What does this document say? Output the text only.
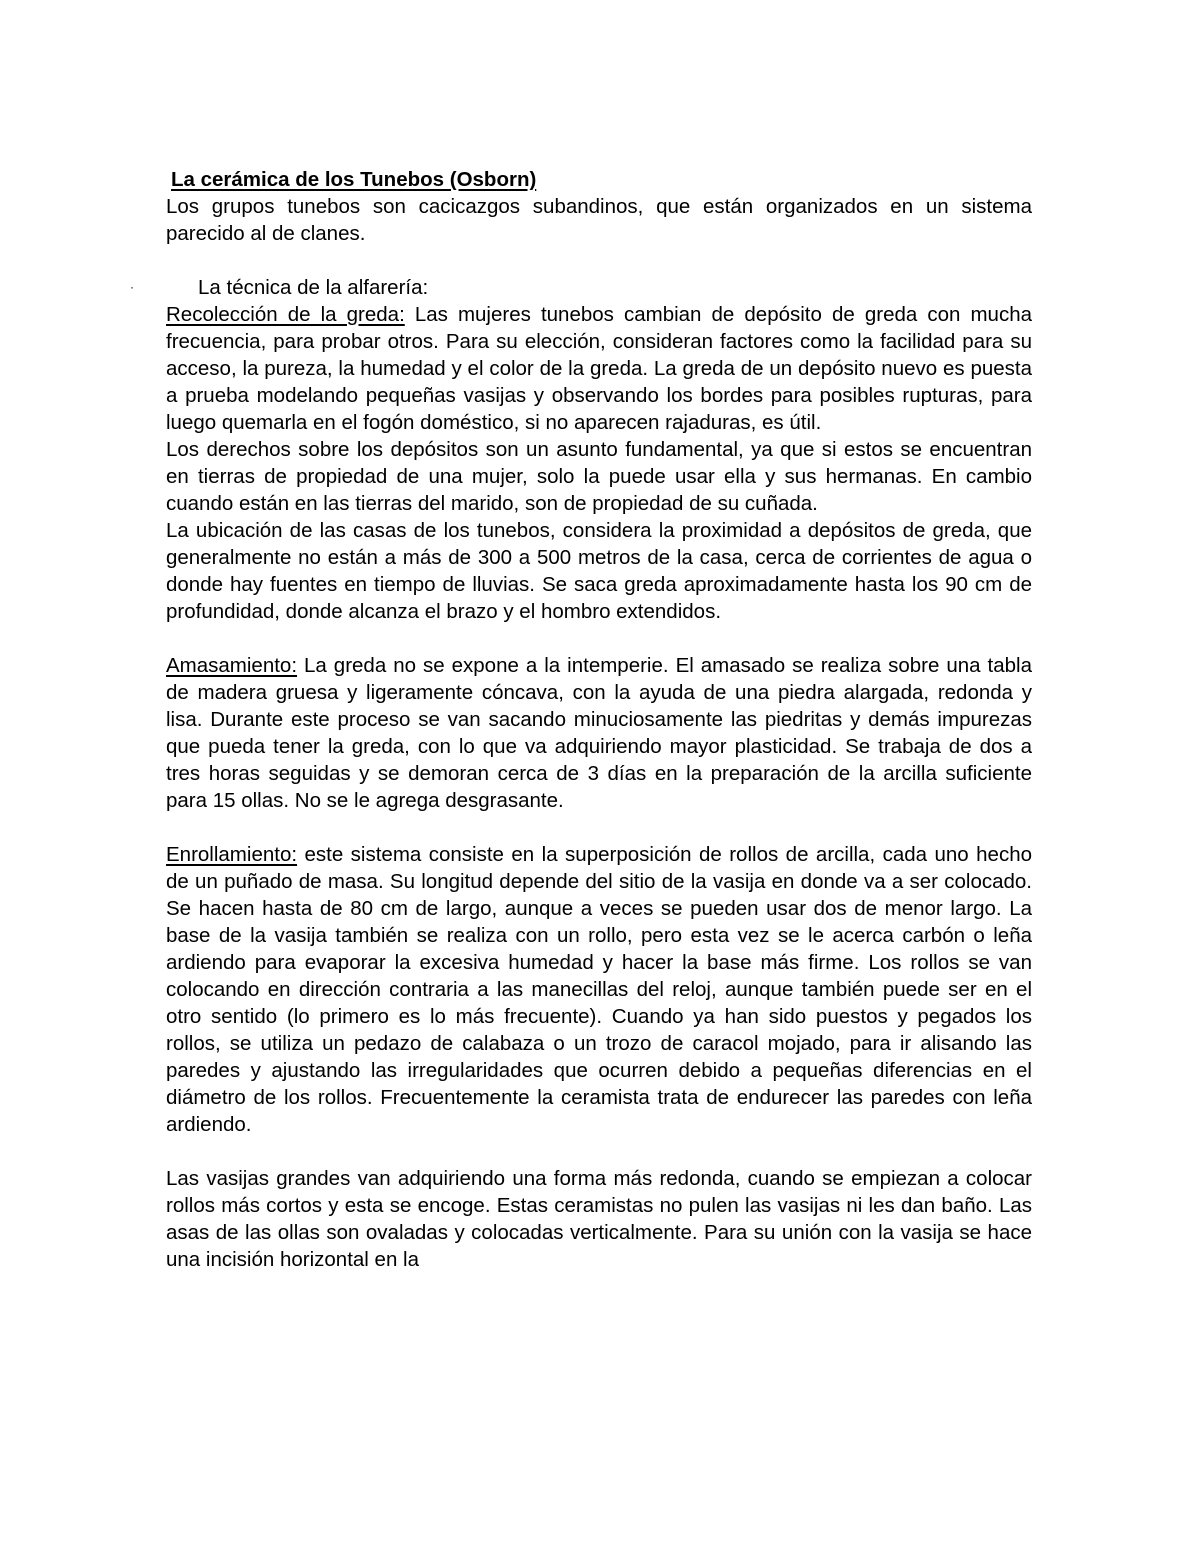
La cerámica de los Tunebos (Osborn)

Los grupos tunebos son cacicazgos subandinos, que están organizados en un sistema parecido al de clanes.

·	La técnica de la alfarería:

Recolección de la greda: Las mujeres tunebos cambian de depósito de greda con mucha frecuencia, para probar otros. Para su elección, consideran factores como la facilidad para su acceso, la pureza, la humedad y el color de la greda. La greda de un depósito nuevo es puesta a prueba modelando pequeñas vasijas y observando los bordes para posibles rupturas, para luego quemarla en el fogón doméstico, si no aparecen rajaduras, es útil.

Los derechos sobre los depósitos son un asunto fundamental, ya que si estos se encuentran en tierras de propiedad de una mujer, solo la puede usar ella y sus hermanas. En cambio cuando están en las tierras del marido, son de propiedad de su cuñada.

La ubicación de las casas de los tunebos, considera la proximidad a depósitos de greda, que generalmente no están a más de 300 a 500 metros de la casa, cerca de corrientes de agua o donde hay fuentes en tiempo de lluvias. Se saca greda aproximadamente hasta los 90 cm de profundidad, donde alcanza el brazo y el hombro extendidos.

Amasamiento: La greda no se expone a la intemperie. El amasado se realiza sobre una tabla de madera gruesa y ligeramente cóncava, con la ayuda de una piedra alargada, redonda y lisa. Durante este proceso se van sacando minuciosamente las piedritas y demás impurezas que pueda tener la greda, con lo que va adquiriendo mayor plasticidad. Se trabaja de dos a tres horas seguidas y se demoran cerca de 3 días en la preparación de la arcilla suficiente para 15 ollas. No se le agrega desgrasante.

Enrollamiento: este sistema consiste en la superposición de rollos de arcilla, cada uno hecho de un puñado de masa. Su longitud depende del sitio de la vasija en donde va a ser colocado. Se hacen hasta de 80 cm de largo, aunque a veces se pueden usar dos de menor largo. La base de la vasija también se realiza con un rollo, pero esta vez se le acerca carbón o leña ardiendo para evaporar la excesiva humedad y hacer la base más firme. Los rollos se van colocando en dirección contraria a las manecillas del reloj, aunque también puede ser en el otro sentido (lo primero es lo más frecuente). Cuando ya han sido puestos y pegados los rollos, se utiliza un pedazo de calabaza o un trozo de caracol mojado, para ir alisando las paredes y ajustando las irregularidades que ocurren debido a pequeñas diferencias en el diámetro de los rollos. Frecuentemente la ceramista trata de endurecer las paredes con leña ardiendo.

Las vasijas grandes van adquiriendo una forma más redonda, cuando se empiezan a colocar rollos más cortos y esta se encoge. Estas ceramistas no pulen las vasijas ni les dan baño. Las asas de las ollas son ovaladas y colocadas verticalmente. Para su unión con la vasija se hace una incisión horizontal en la
